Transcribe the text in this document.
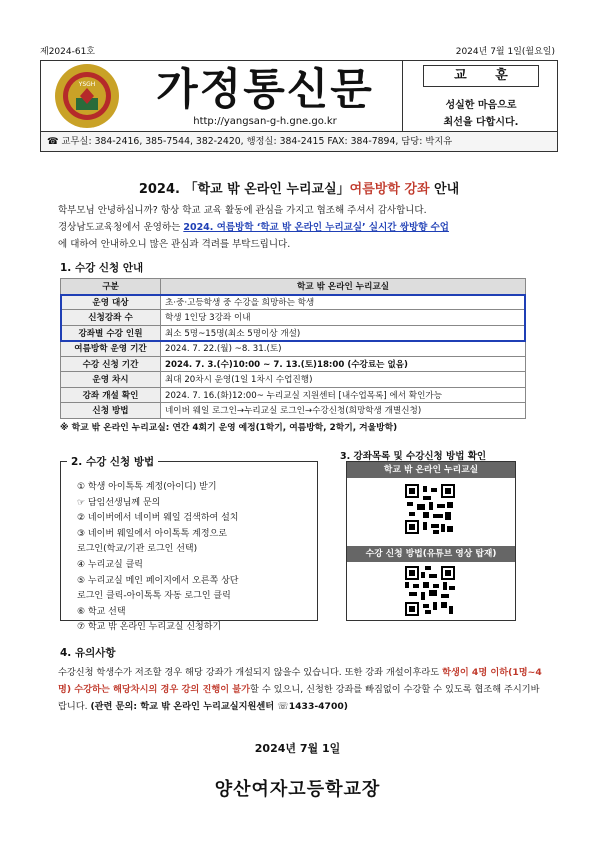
제2024-61호	2024년 7월 1일(월요일)
YSGH	가정통신문
http://yangsan-g-h.gne.go.kr
교 훈
성실한 마음으로
최선을 다합시다.
☎ 교무실: 384-2416, 385-7544, 382-2420, 행정실: 384-2415 FAX: 384-7894, 담당: 박지유
2024. 「학교 밖 온라인 누리교실」여름방학 강좌 안내
학부모님 안녕하십니까? 항상 학교 교육 활동에 관심을 가지고 협조해 주셔서 감사합니다.
경상남도교육청에서 운영하는 2024. 여름방학 ‘학교 밖 온라인 누리교실’ 실시간 쌍방향 수업
에 대하여 안내하오니 많은 관심과 격려를 부탁드립니다.
1. 수강 신청 안내
구분	학교 밖 온라인 누리교실
운영 대상	초·중·고등학생 중 수강을 희망하는 학생
신청강좌 수	학생 1인당 3강좌 이내
강좌별 수강 인원	최소 5명~15명(최소 5명이상 개설)
여름방학 운영 기간	2024. 7. 22.(월) ~8. 31.(토)
수강 신청 기간	2024. 7. 3.(수)10:00 ~ 7. 13.(토)18:00 (수강료는 없음)
운영 차시	최대 20차시 운영(1일 1차시 수업진행)
강좌 개설 확인	2024. 7. 16.(화)12:00~ 누리교실 지원센터 [내수업목록] 에서 확인가능
신청 방법	네이버 웨일 로그인→누리교실 로그인→수강신청(희망학생 개별신청)
※ 학교 밖 온라인 누리교실: 연간 4회기 운영 예정(1학기, 여름방학, 2학기, 겨울방학)
2. 수강 신청 방법
① 학생 아이톡톡 계정(아이디) 받기
☞ 담임선생님께 문의
② 네이버에서 네이버 웨일 검색하여 설치
③ 네이버 웨일에서 아이톡톡 계정으로
로그인(학교/기관 로그인 선택)
④ 누리교실 클릭
⑤ 누리교실 메인 페이지에서 오른쪽 상단
로그인 클릭-아이톡톡 자동 로그인 클릭
⑥ 학교 선택
⑦ 학교 밖 온라인 누리교실 신청하기
3. 강좌목록 및 수강신청 방법 확인
학교 밖 온라인 누리교실
수강 신청 방법(유튜브 영상 탑재)
4. 유의사항
수강신청 학생수가 저조할 경우 해당 강좌가 개설되지 않을수 있습니다. 또한 강좌 개설이후라도 학생이 4명 이하(1명~4명) 수강하는 해당차시의 경우 강의 진행이 불가할 수 있으니, 신청한 강좌를 빠짐없이 수강할 수 있도록 협조해 주시기바랍니다. (관련 문의: 학교 밖 온라인 누리교실지원센터 ☏1433-4700)
2024년 7월 1일
양산여자고등학교장
